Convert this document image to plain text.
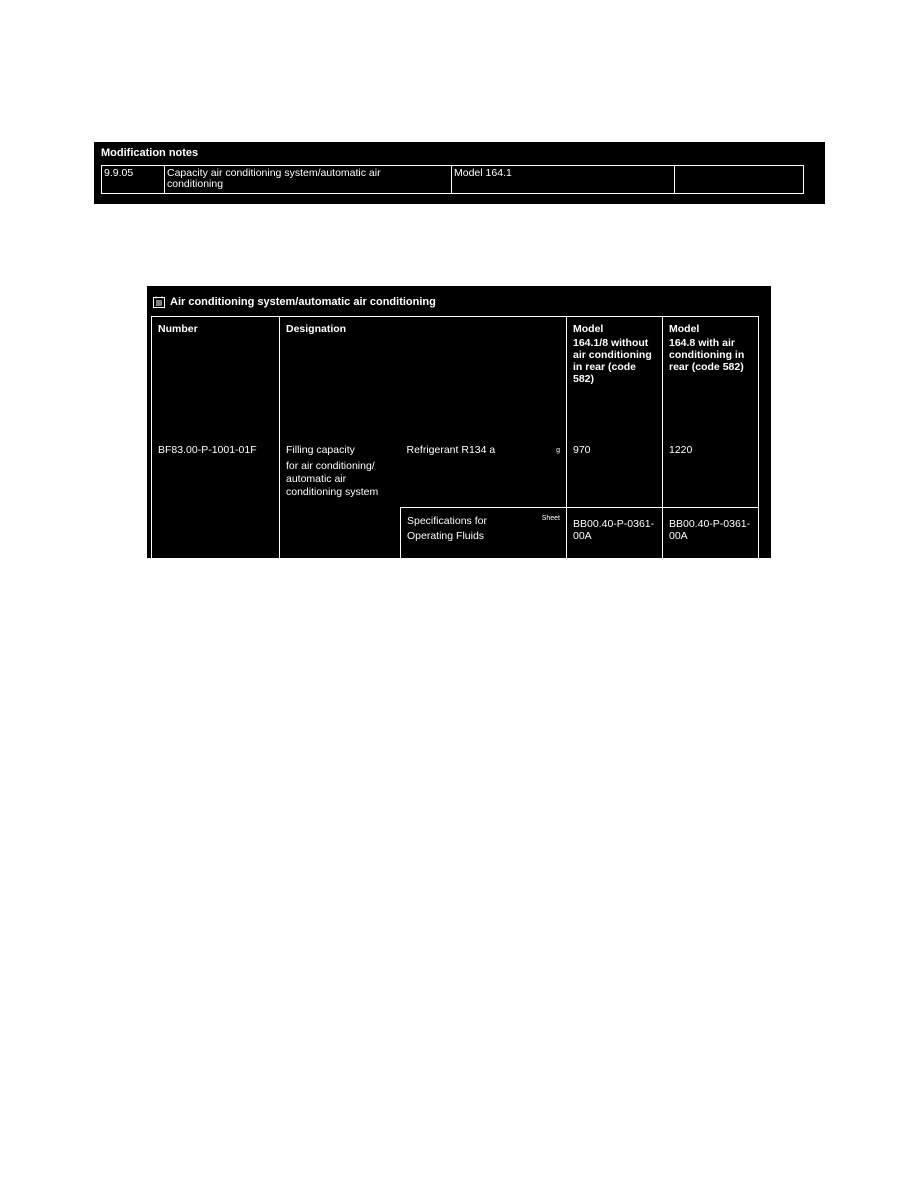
Modification notes
9.9.05	Capacity air conditioning system/automatic air
conditioning	Model 164.1	
Air conditioning system/automatic air conditioning
Number	Designation		Model
164.1/8 without
air conditioning
in rear (code
582)	Model
164.8 with air
conditioning in
rear (code 582)

BF83.00-P-1001-01F	Filling capacity
for air conditioning/
automatic air
conditioning system	Refrigerant R134 a g	970	1220

		Specifications for
Operating Fluids
Sheet	BB00.40-P-0361-00A	BB00.40-P-0361-00A
